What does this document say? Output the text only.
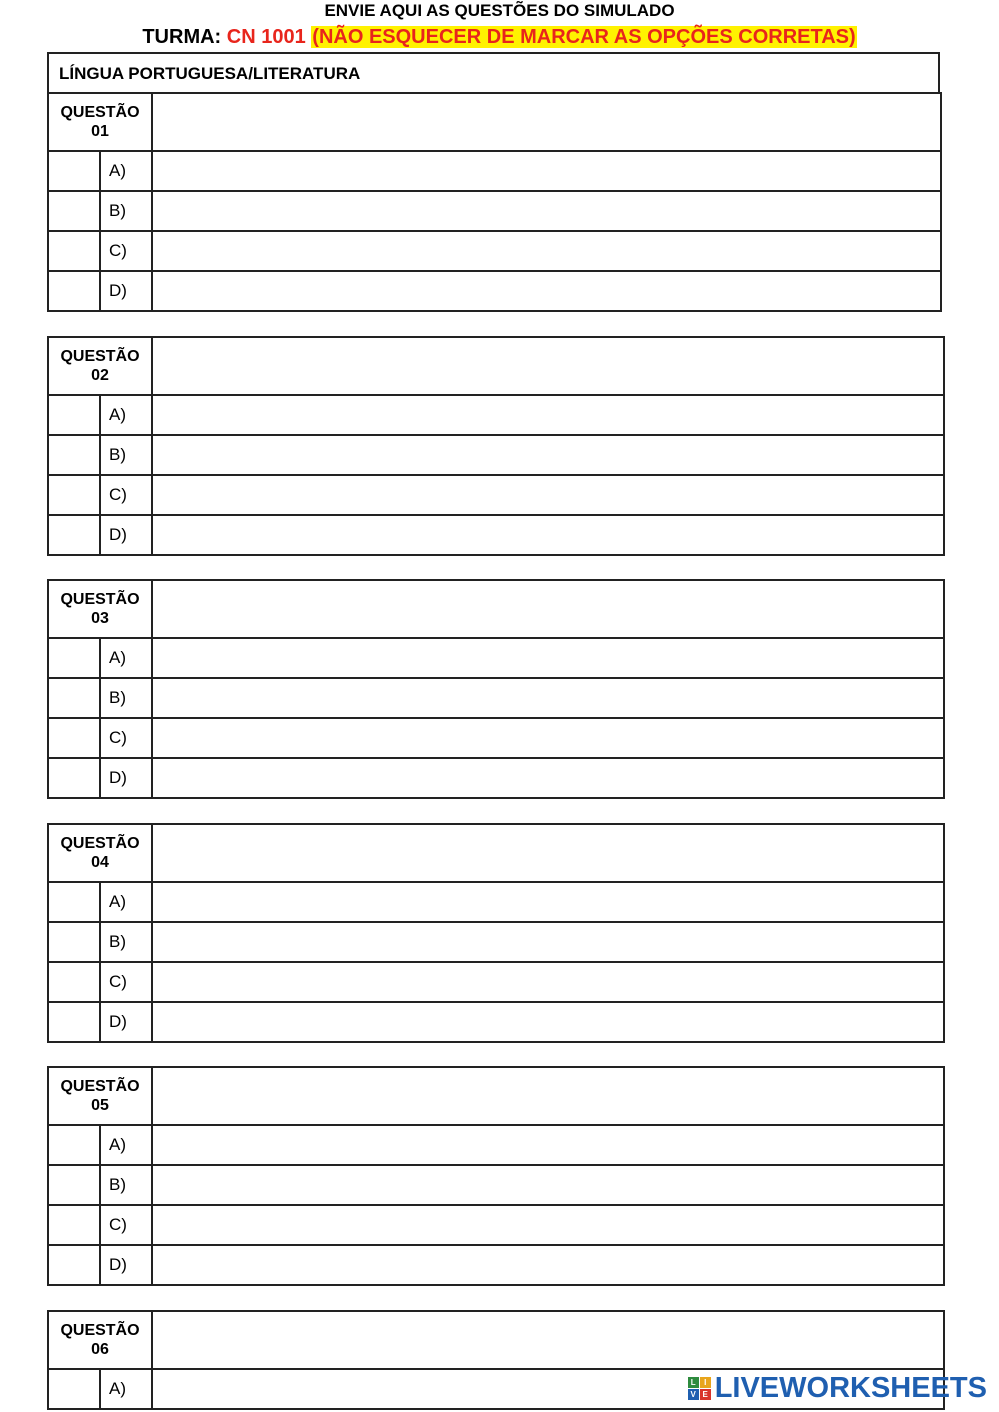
ENVIE AQUI AS QUESTÕES DO SIMULADO
TURMA: CN 1001 (NÃO ESQUECER DE MARCAR AS OPÇÕES CORRETAS)
LÍNGUA PORTUGUESA/LITERATURA
QUESTÃO
01		
	A)	
	B)	
	C)	
	D)	
QUESTÃO
02		
	A)	
	B)	
	C)	
	D)	
QUESTÃO
03		
	A)	
	B)	
	C)	
	D)	
QUESTÃO
04		
	A)	
	B)	
	C)	
	D)	
QUESTÃO
05		
	A)	
	B)	
	C)	
	D)	
QUESTÃO
06		
	A)		L	I
V E LIVEWORKSHEETS
